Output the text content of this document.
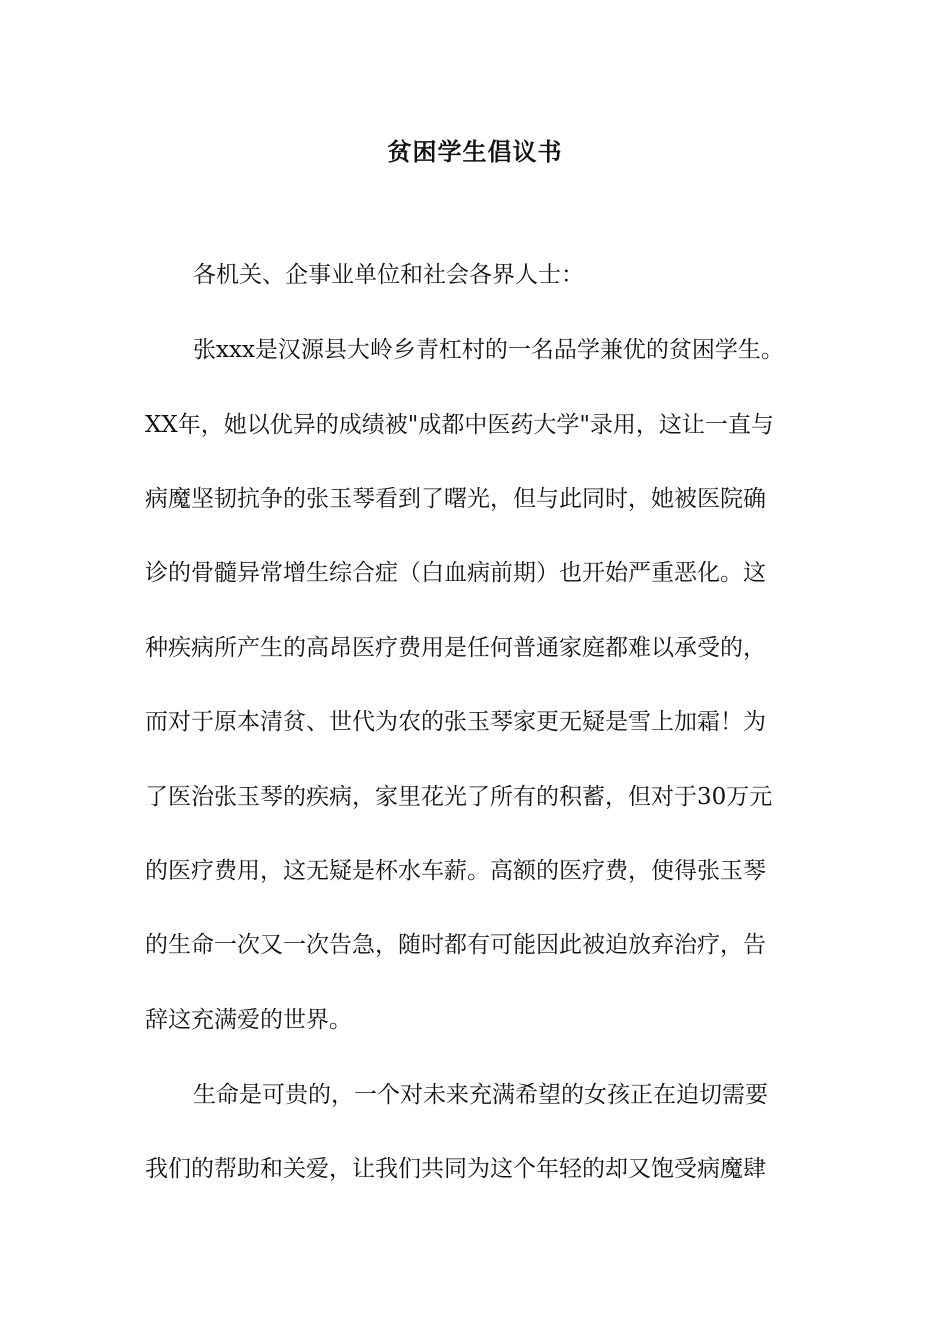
贫困学生倡议书
各机关、企事业单位和社会各界人士：
张xxx是汉源县大岭乡青杠村的一名品学兼优的贫困学生。
XX年，她以优异的成绩被"成都中医药大学"录用，这让一直与
病魔坚韧抗争的张玉琴看到了曙光，但与此同时，她被医院确
诊的骨髓异常增生综合症（白血病前期）也开始严重恶化。这
种疾病所产生的高昂医疗费用是任何普通家庭都难以承受的，
而对于原本清贫、世代为农的张玉琴家更无疑是雪上加霜！为
了医治张玉琴的疾病，家里花光了所有的积蓄，但对于30万元
的医疗费用，这无疑是杯水车薪。高额的医疗费，使得张玉琴
的生命一次又一次告急，随时都有可能因此被迫放弃治疗，告
辞这充满爱的世界。
生命是可贵的，一个对未来充满希望的女孩正在迫切需要
我们的帮助和关爱，让我们共同为这个年轻的却又饱受病魔肆
